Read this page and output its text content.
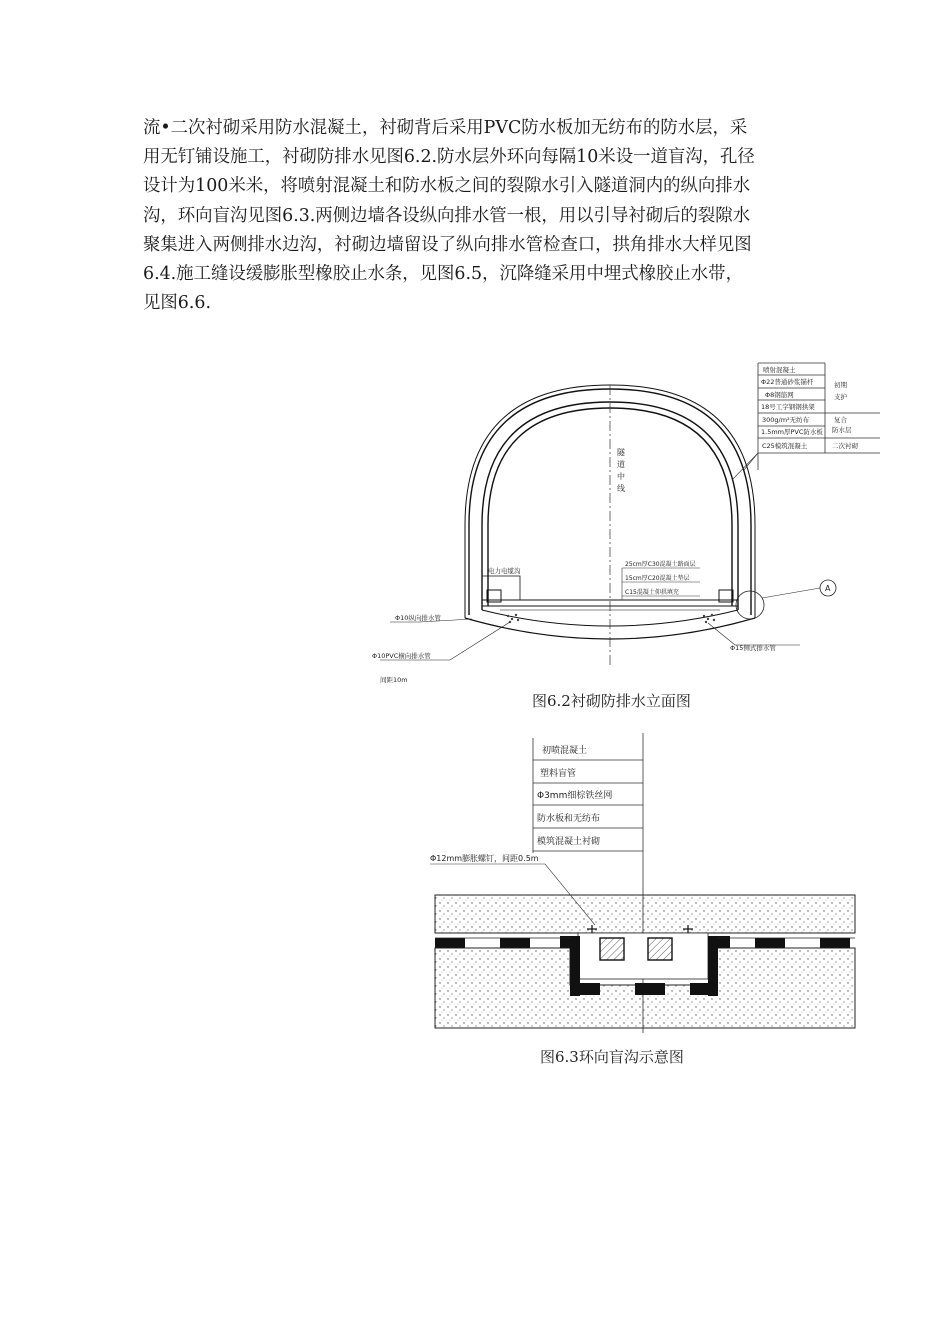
流•二次衬砌采用防水混凝土，衬砌背后采用PVC防水板加无纺布的防水层，采
用无钉铺设施工，衬砌防排水见图6.2.防水层外环向每隔10米设一道盲沟，孔径
设计为100米米，将喷射混凝土和防水板之间的裂隙水引入隧道洞内的纵向排水
沟，环向盲沟见图6.3.两侧边墙各设纵向排水管一根，用以引导衬砌后的裂隙水
聚集进入两侧排水边沟，衬砌边墙留设了纵向排水管检查口，拱角排水大样见图
6.4.施工缝设缓膨胀型橡胶止水条，见图6.5，沉降缝采用中埋式橡胶止水带，
见图6.6.

喷射混凝土
Φ22普通砂浆锚杆
Φ8钢筋网
18号工字钢钢拱架
300g/m²无纺布
1.5mm厚PVC防水板
C25模筑混凝土
初期
支护
复合
防水层
二次衬砌
隧道中线
25cm厚C30混凝土路面层
15cm厚C20混凝土垫层
C15混凝土仰拱填充
电力电缆沟
A
Φ10纵向排水管
Φ10PVC横向排水管
间距10m
Φ15侧式排水管
图6.2衬砌防排水立面图
初喷混凝土
塑料盲管
Φ3mm细棕铁丝网
防水板和无纺布
模筑混凝土衬砌
Φ12mm膨胀螺钉，间距0.5m
图6.3环向盲沟示意图
